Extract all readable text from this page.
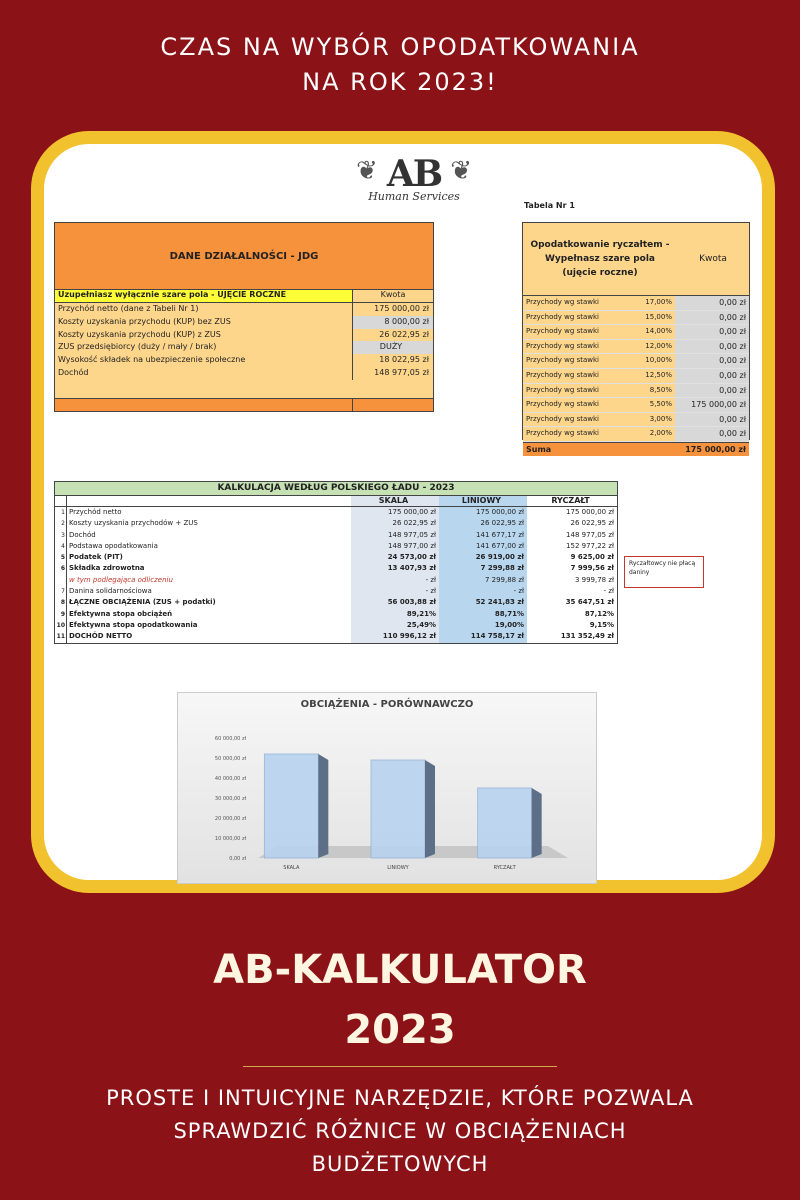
CZAS NA WYBÓR OPODATKOWANIA
NA ROK 2023!
❦	❦
AB
Human Services
DANE DZIAŁALNOŚCI - JDG
Uzupełniasz wyłącznie szare pola - UJĘCIE ROCZNE	Kwota
Przychód netto (dane z Tabeli Nr 1)	175 000,00 zł
Koszty uzyskania przychodu (KUP) bez ZUS	8 000,00 zł
Koszty uzyskania przychodu (KUP) z ZUS	26 022,95 zł
ZUS przedsiębiorcy (duży / mały / brak)	DUŻY
Wysokość składek na ubezpieczenie społeczne	18 022,95 zł
Dochód	148 977,05 zł
Tabela Nr 1
Opodatkowanie ryczałtem - Wypełnasz szare pola (ujęcie roczne)
Kwota
Przychody wg stawki	17,00%	0,00 zł
Przychody wg stawki	15,00%	0,00 zł
Przychody wg stawki	14,00%	0,00 zł
Przychody wg stawki	12,00%	0,00 zł
Przychody wg stawki	10,00%	0,00 zł
Przychody wg stawki	12,50%	0,00 zł
Przychody wg stawki	8,50%	0,00 zł
Przychody wg stawki	5,50%	175 000,00 zł
Przychody wg stawki	3,00%	0,00 zł
Przychody wg stawki	2,00%	0,00 zł
Suma	175 000,00 zł
KALKULACJA WEDŁUG POLSKIEGO ŁADU - 2023
SKALA	LINIOWY	RYCZAŁT
1 Przychód netto	175 000,00 zł	175 000,00 zł	175 000,00 zł
2 Koszty uzyskania przychodów + ZUS	26 022,95 zł	26 022,95 zł	26 022,95 zł
3 Dochód	148 977,05 zł	141 677,17 zł	148 977,05 zł
4 Podstawa opodatkowania	148 977,00 zł	141 677,00 zł	152 977,22 zł
5 Podatek (PIT)	24 573,00 zł	26 919,00 zł	9 625,00 zł
6 Składka zdrowotna	13 407,93 zł	7 299,88 zł	7 999,56 zł
w tym podlegająca odliczeniu	- zł	7 299,88 zł	3 999,78 zł
7 Danina solidarnościowa	- zł	- zł	- zł
8 ŁĄCZNE OBCIĄŻENIA (ZUS + podatki)	56 003,88 zł	52 241,83 zł	35 647,51 zł
9 Efektywna stopa obciążeń	89,21%	88,71%	87,12%
10 Efektywna stopa opodatkowania	25,49%	19,00%	9,15%
11 DOCHÓD NETTO	110 996,12 zł	114 758,17 zł	131 352,49 zł
Ryczałtowcy nie płacą daniny
OBCIĄŻENIA - PORÓWNAWCZO
0,00 zł
10 000,00 zł
20 000,00 zł
30 000,00 zł
40 000,00 zł
50 000,00 zł
60 000,00 zł
SKALA	LINIOWY	RYCZAŁT
AB-KALKULATOR
2023
PROSTE I INTUICYJNE NARZĘDZIE, KTÓRE POZWALA
SPRAWDZIĆ RÓŻNICE W OBCIĄŻENIACH
BUDŻETOWYCH
